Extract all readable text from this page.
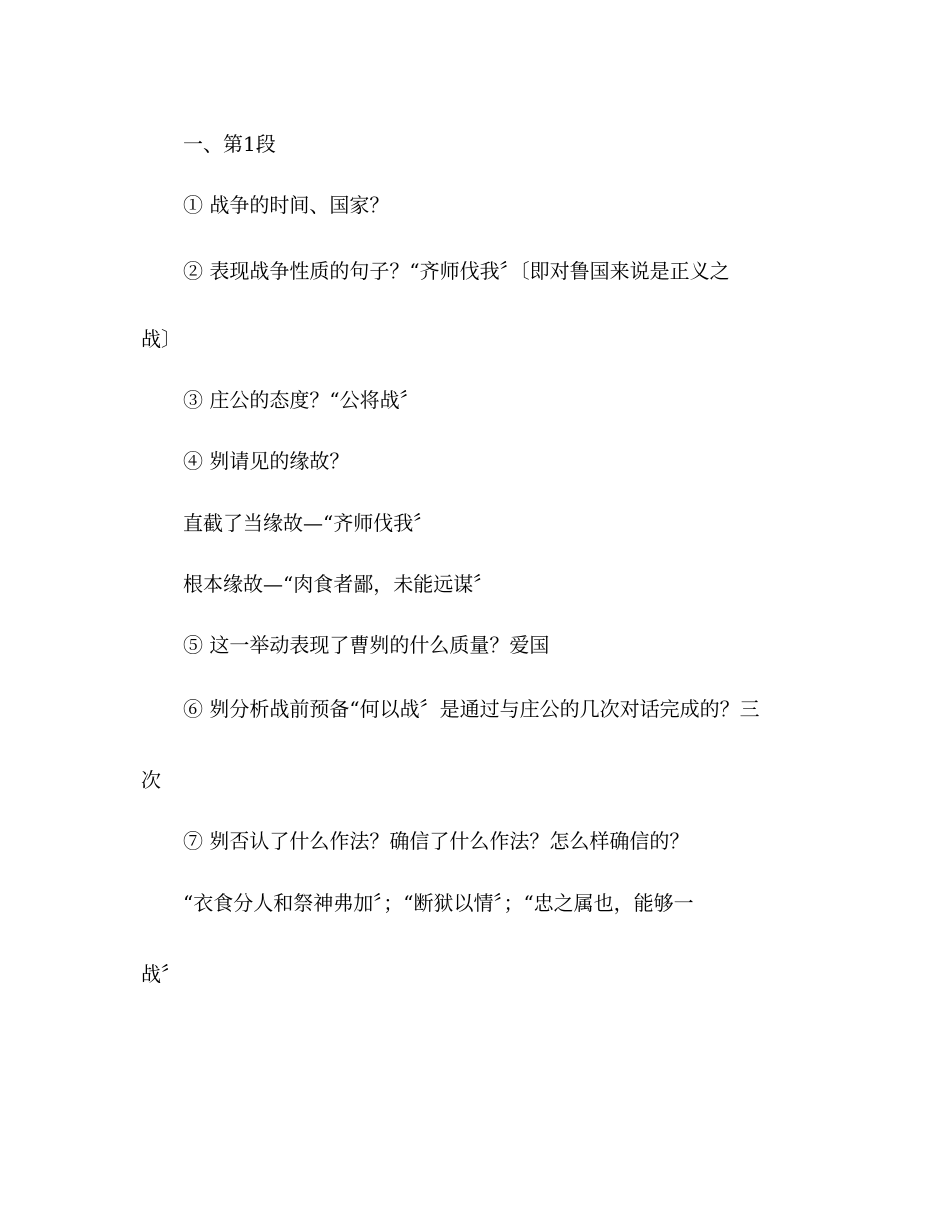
一、第1段
① 战争的时间、国家？
② 表现战争性质的句子？“齐师伐我〞〔即对鲁国来说是正义之
战〕
③ 庄公的态度？“公将战〞
④ 刿请见的缘故？
直截了当缘故—“齐师伐我〞
根本缘故—“肉食者鄙，未能远谋〞
⑤ 这一举动表现了曹刿的什么质量？爱国
⑥ 刿分析战前预备“何以战〞是通过与庄公的几次对话完成的？三
次
⑦ 刿否认了什么作法？确信了什么作法？怎么样确信的？
“衣食分人和祭神弗加〞；“断狱以情〞；“忠之属也，能够一
战〞
